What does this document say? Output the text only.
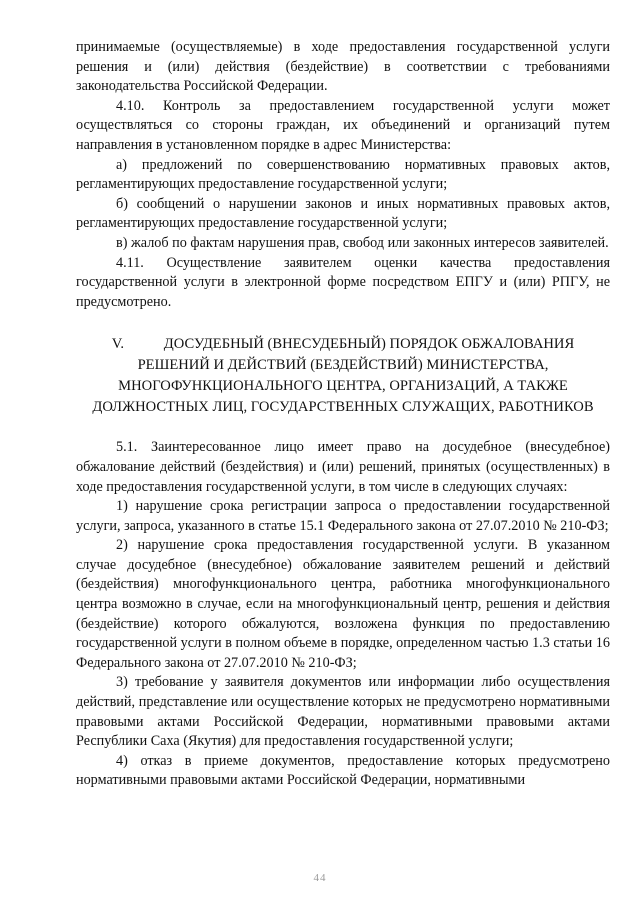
принимаемые (осуществляемые) в ходе предоставления государственной услуги решения и (или) действия (бездействие) в соответствии с требованиями законодательства Российской Федерации.

4.10. Контроль за предоставлением государственной услуги может осуществляться со стороны граждан, их объединений и организаций путем направления в установленном порядке в адрес Министерства:

а) предложений по совершенствованию нормативных правовых актов, регламентирующих предоставление государственной услуги;

б) сообщений о нарушении законов и иных нормативных правовых актов, регламентирующих предоставление государственной услуги;

в) жалоб по фактам нарушения прав, свобод или законных интересов заявителей.

4.11. Осуществление заявителем оценки качества предоставления государственной услуги в электронной форме посредством ЕПГУ и (или) РПГУ, не предусмотрено.

V.	ДОСУДЕБНЫЙ (ВНЕСУДЕБНЫЙ) ПОРЯДОК ОБЖАЛОВАНИЯ РЕШЕНИЙ И ДЕЙСТВИЙ (БЕЗДЕЙСТВИЙ) МИНИСТЕРСТВА, МНОГОФУНКЦИОНАЛЬНОГО ЦЕНТРА, ОРГАНИЗАЦИЙ, А ТАКЖЕ ДОЛЖНОСТНЫХ ЛИЦ, ГОСУДАРСТВЕННЫХ СЛУЖАЩИХ, РАБОТНИКОВ

5.1. Заинтересованное лицо имеет право на досудебное (внесудебное) обжалование действий (бездействия) и (или) решений, принятых (осуществленных) в ходе предоставления государственной услуги, в том числе в следующих случаях:

1) нарушение срока регистрации запроса о предоставлении государственной услуги, запроса, указанного в статье 15.1 Федерального закона от 27.07.2010 № 210-ФЗ;

2) нарушение срока предоставления государственной услуги. В указанном случае досудебное (внесудебное) обжалование заявителем решений и действий (бездействия) многофункционального центра, работника многофункционального центра возможно в случае, если на многофункциональный центр, решения и действия (бездействие) которого обжалуются, возложена функция по предоставлению государственной услуги в полном объеме в порядке, определенном частью 1.3 статьи 16 Федерального закона от 27.07.2010 № 210-ФЗ;

3) требование у заявителя документов или информации либо осуществления действий, представление или осуществление которых не предусмотрено нормативными правовыми актами Российской Федерации, нормативными правовыми актами Республики Саха (Якутия) для предоставления государственной услуги;

4) отказ в приеме документов, предоставление которых предусмотрено нормативными правовыми актами Российской Федерации, нормативными

44
